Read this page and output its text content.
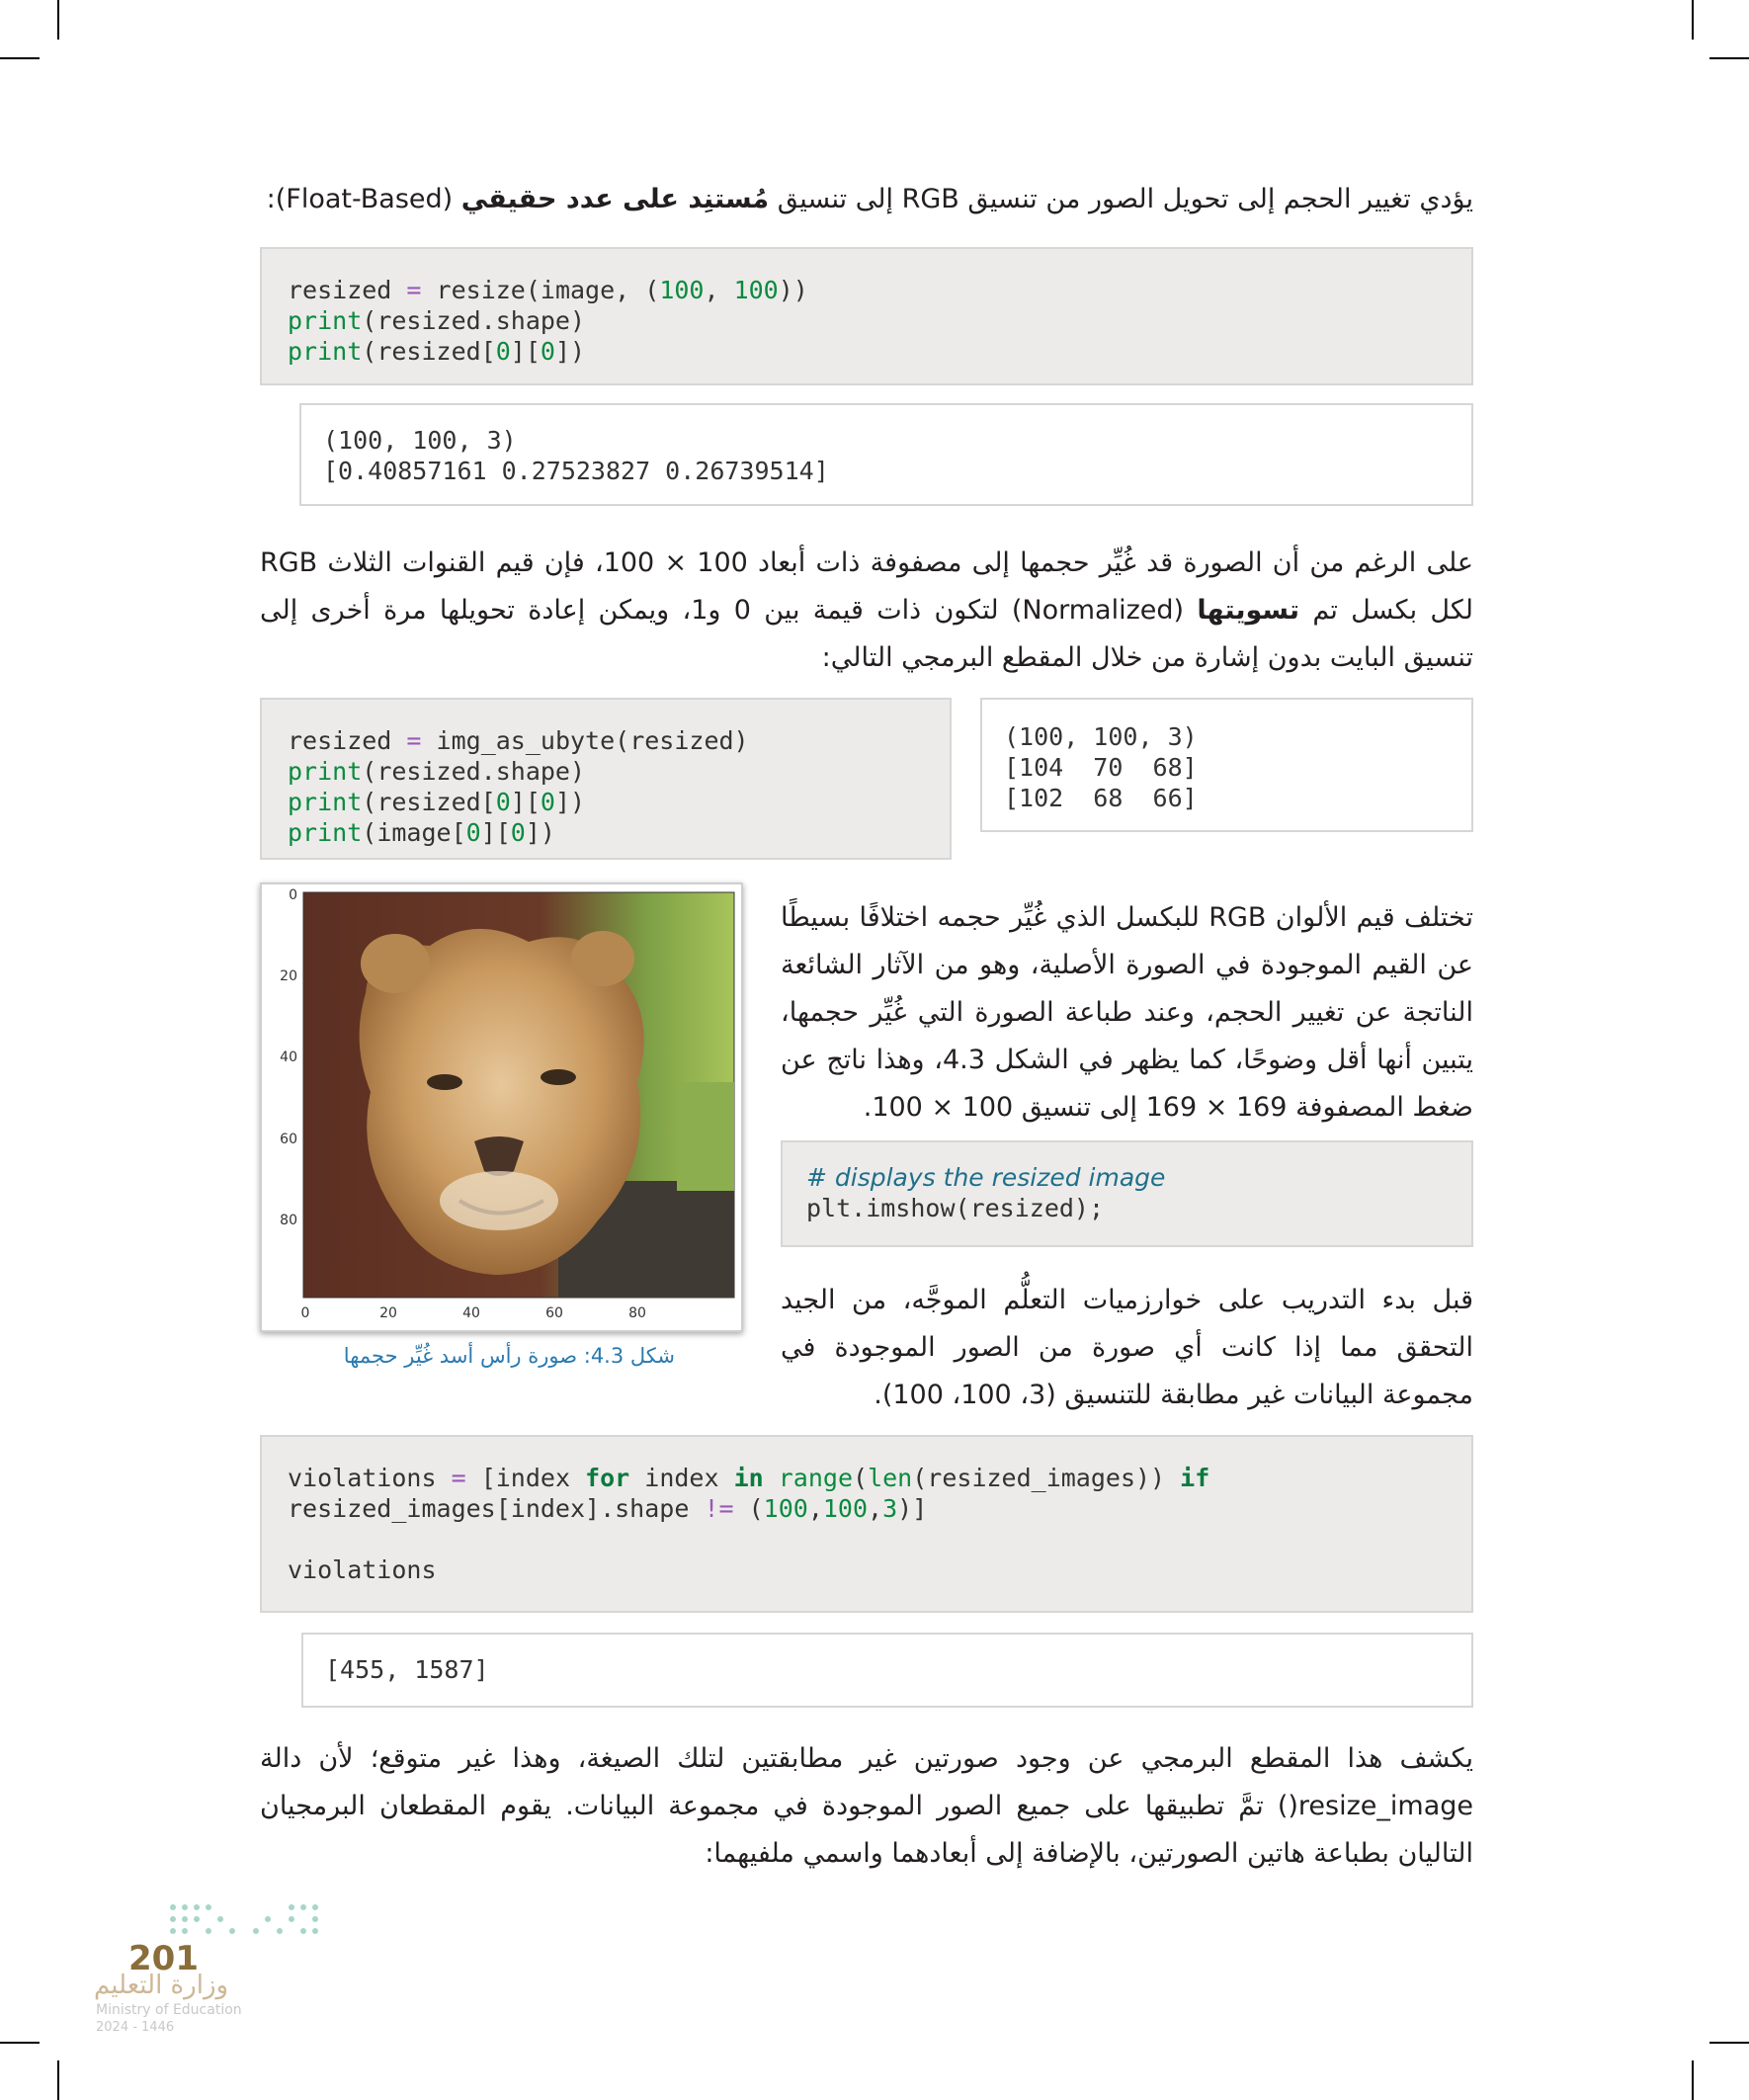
يؤدي تغيير الحجم إلى تحويل الصور من تنسيق RGB إلى تنسيق مُستنِد على عدد حقيقي (Float-Based):

resized = resize(image, (100, 100))
print(resized.shape)
print(resized[0][0])
(100, 100, 3)
[0.40857161 0.27523827 0.26739514]

على الرغم من أن الصورة قد غُيِّر حجمها إلى مصفوفة ذات أبعاد 100 × 100، فإن قيم القنوات الثلاث RGB لكل بكسل تم تسويتها (Normalized) لتكون ذات قيمة بين 0 و1، ويمكن إعادة تحويلها مرة أخرى إلى تنسيق البايت بدون إشارة من خلال المقطع البرمجي التالي:

resized = img_as_ubyte(resized)
print(resized.shape)
print(resized[0][0])
print(image[0][0])
(100, 100, 3)
[104  70  68]
[102  68  66]
0
20
40
60
80
0	20	40	60	80
شكل 4.3: صورة رأس أسد غُيِّر حجمها

تختلف قيم الألوان RGB للبكسل الذي غُيِّر حجمه اختلافًا بسيطًا عن القيم الموجودة في الصورة الأصلية، وهو من الآثار الشائعة الناتجة عن تغيير الحجم، وعند طباعة الصورة التي غُيِّر حجمها، يتبين أنها أقل وضوحًا، كما يظهر في الشكل 4.3، وهذا ناتج عن ضغط المصفوفة 169 × 169 إلى تنسيق 100 × 100.

# displays the resized image
plt.imshow(resized);

قبل بدء التدريب على خوارزميات التعلُّم الموجَّه، من الجيد التحقق مما إذا كانت أي صورة من الصور الموجودة في مجموعة البيانات غير مطابقة للتنسيق (3، 100، 100).

violations = [index for index in range(len(resized_images)) if
resized_images[index].shape != (100,100,3)]

violations
[455, 1587]

يكشف هذا المقطع البرمجي عن وجود صورتين غير مطابقتين لتلك الصيغة، وهذا غير متوقع؛ لأن دالة resize_image() تمَّ تطبيقها على جميع الصور الموجودة في مجموعة البيانات. يقوم المقطعان البرمجيان التاليان بطباعة هاتين الصورتين، بالإضافة إلى أبعادهما واسمي ملفيهما:

وزارة التعليم
Ministry of Education
2024 - 1446
201
